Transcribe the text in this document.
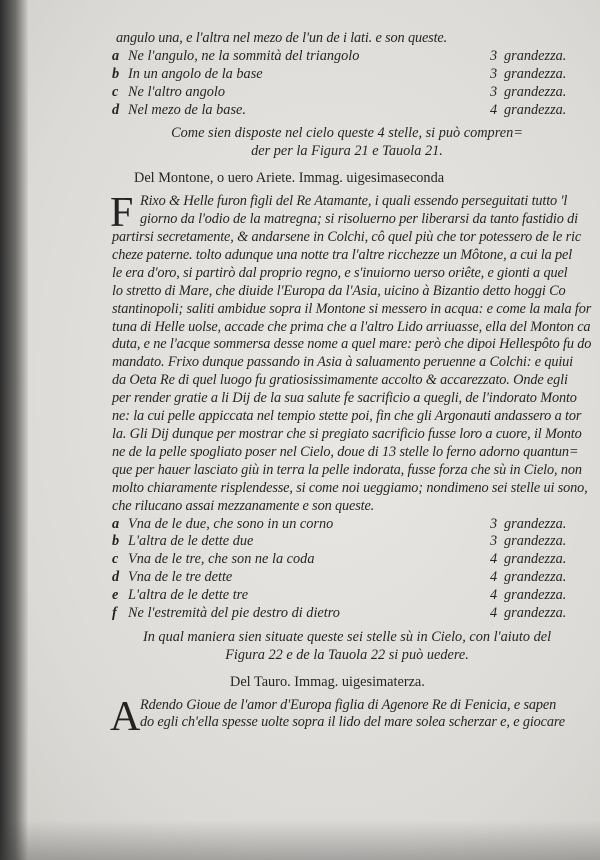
angulo una, e l'altra nel mezo de l'un de i lati. e son queste.
a Ne l'angulo, ne la sommità del triangolo	3 grandezza.
b In un angolo de la base	3 grandezza.
c Ne l'altro angolo	3 grandezza.
d Nel mezo de la base.	4 grandezza.
Come sien disposte nel cielo queste 4 stelle, si può compren=
der per la Figura 21 e Tauola 21.
Del Montone, o uero Ariete. Immag. uigesimaseconda
F Rixo & Helle furon figli del Re Atamante, i quali essendo perseguitati tutto 'l
giorno da l'odio de la matregna; si risoluerno per liberarsi da tanto fastidio di
partirsi secretamente, & andarsene in Colchi, cô quel più che tor potessero de le ric
cheze paterne. tolto adunque una notte tra l'altre ricchezze un Môtone, a cui la pel
le era d'oro, si partirò dal proprio regno, e s'inuiorno uerso oriête, e gionti a quel
lo stretto di Mare, che diuide l'Europa da l'Asia, uicino à Bizantio detto hoggi Co
stantinopoli; saliti ambidue sopra il Montone si messero in acqua: e come la mala for
tuna di Helle uolse, accade che prima che a l'altro Lido arriuasse, ella del Monton ca
duta, e ne l'acque sommersa desse nome a quel mare: però che dipoi Hellespôto fu do
mandato. Frixo dunque passando in Asia à saluamento peruenne a Colchi: e quiui
da Oeta Re di quel luogo fu gratiosissimamente accolto & accarezzato. Onde egli
per render gratie a li Dij de la sua salute fe sacrificio a quegli, de l'indorato Monto
ne: la cui pelle appiccata nel tempio stette poi, fin che gli Argonauti andassero a tor
la. Gli Dij dunque per mostrar che si pregiato sacrificio fusse loro a cuore, il Monto
ne de la pelle spogliato poser nel Cielo, doue di 13 stelle lo ferno adorno quantun=
que per hauer lasciato giù in terra la pelle indorata, fusse forza che sù in Cielo, non
molto chiaramente risplendesse, si come noi ueggiamo; nondimeno sei stelle ui sono,
che rilucano assai mezzanamente e son queste.
a Vna de le due, che sono in un corno	3 grandezza.
b L'altra de le dette due	3 grandezza.
c Vna de le tre, che son ne la coda	4 grandezza.
d Vna de le tre dette	4 grandezza.
e L'altra de le dette tre	4 grandezza.
f Ne l'estremità del pie destro di dietro	4 grandezza.
In qual maniera sien situate queste sei stelle sù in Cielo, con l'aiuto del
Figura 22 e de la Tauola 22 si può uedere.
Del Tauro. Immag. uigesimaterza.
A Rdendo Gioue de l'amor d'Europa figlia di Agenore Re di Fenicia, e sapen
do egli ch'ella spesse uolte sopra il lido del mare solea scherzar e, e giocare
